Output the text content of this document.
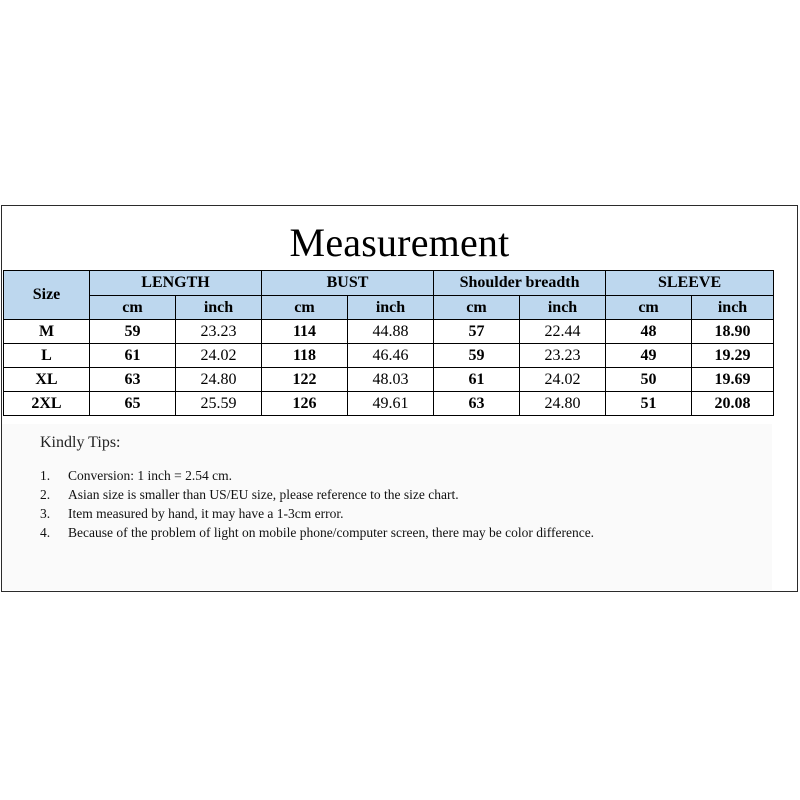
Measurement
Size	LENGTH		BUST		Shoulder breadth		SLEEVE	
	cm	inch	cm	inch	cm	inch	cm	inch
M	59	23.23	114	44.88	57	22.44	48	18.90
L	61	24.02	118	46.46	59	23.23	49	19.29
XL	63	24.80	122	48.03	61	24.02	50	19.69
2XL	65	25.59	126	49.61	63	24.80	51	20.08
Kindly Tips:
1. Conversion: 1 inch = 2.54 cm.
2. Asian size is smaller than US/EU size, please reference to the size chart.
3. Item measured by hand, it may have a 1-3cm error.
4. Because of the problem of light on mobile phone/computer screen, there may be color difference.
